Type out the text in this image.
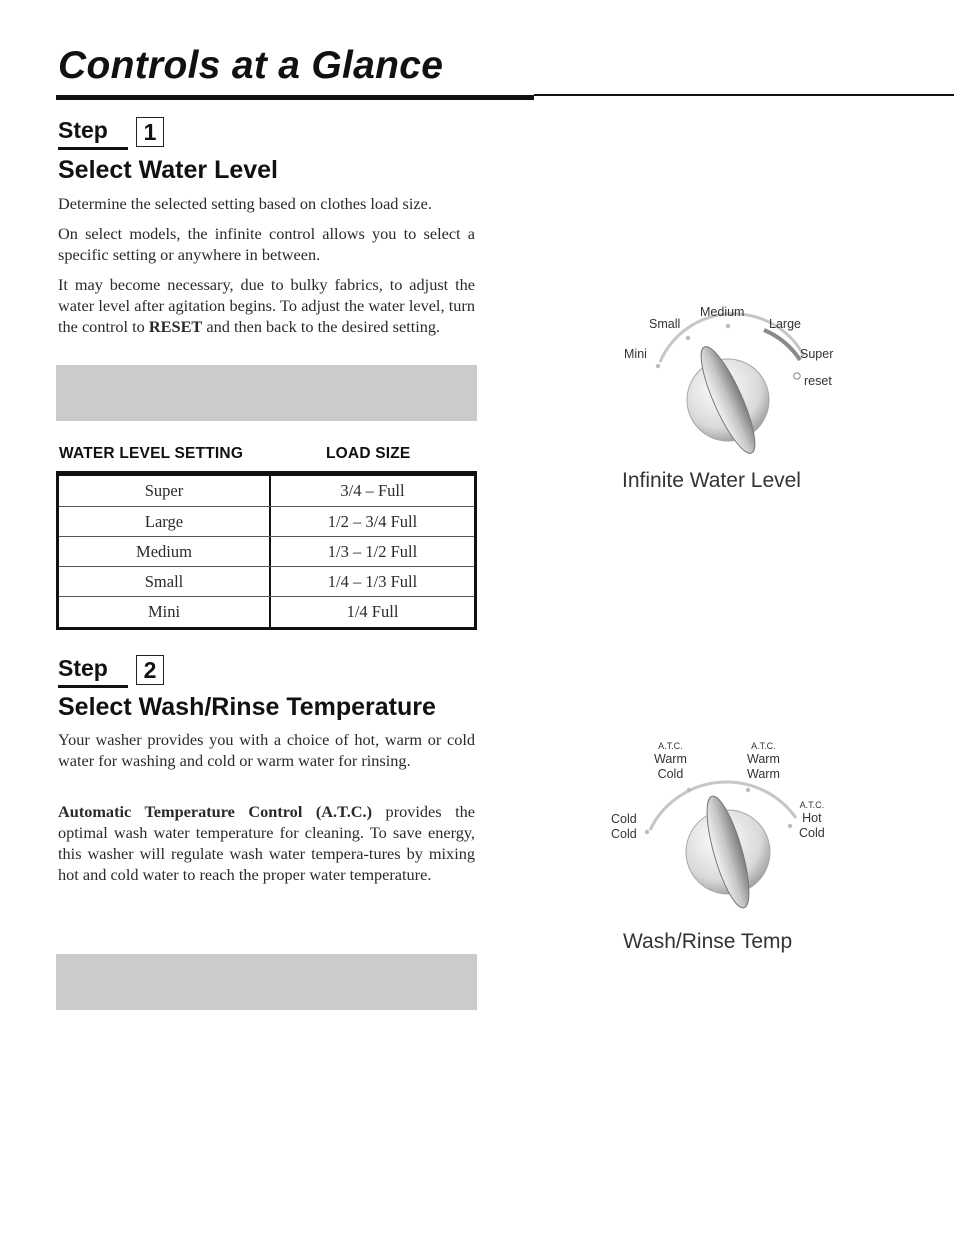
Controls at a Glance
Step	1
Select Water Level

Determine the selected setting based on clothes load size.

On select models, the infinite control allows you to select a specific setting or anywhere in between.

It may become necessary, due to bulky fabrics, to adjust the water level after agitation begins. To adjust the water level, turn the control to RESET and then back to the desired setting.

WATER LEVEL SETTING	LOAD SIZE
Super	3/4 – Full
Large	1/2 – 3/4 Full
Medium	1/3 – 1/2 Full
Small	1/4 – 1/3 Full
Mini	1/4 Full
Mini
Small
Medium
Large
Super
reset
Infinite Water Level
Step	2
Select Wash/Rinse Temperature

Your washer provides you with a choice of hot, warm or cold water for washing and cold or warm water for rinsing.

Automatic Temperature Control (A.T.C.) provides the optimal wash water temperature for cleaning. To save energy, this washer will regulate wash water tempera-tures by mixing hot and cold water to reach the proper water temperature.

Cold
Cold
A.T.C.
Warm
Cold
A.T.C.
Warm
Warm
A.T.C.
Hot
Cold
Wash/Rinse Temp
